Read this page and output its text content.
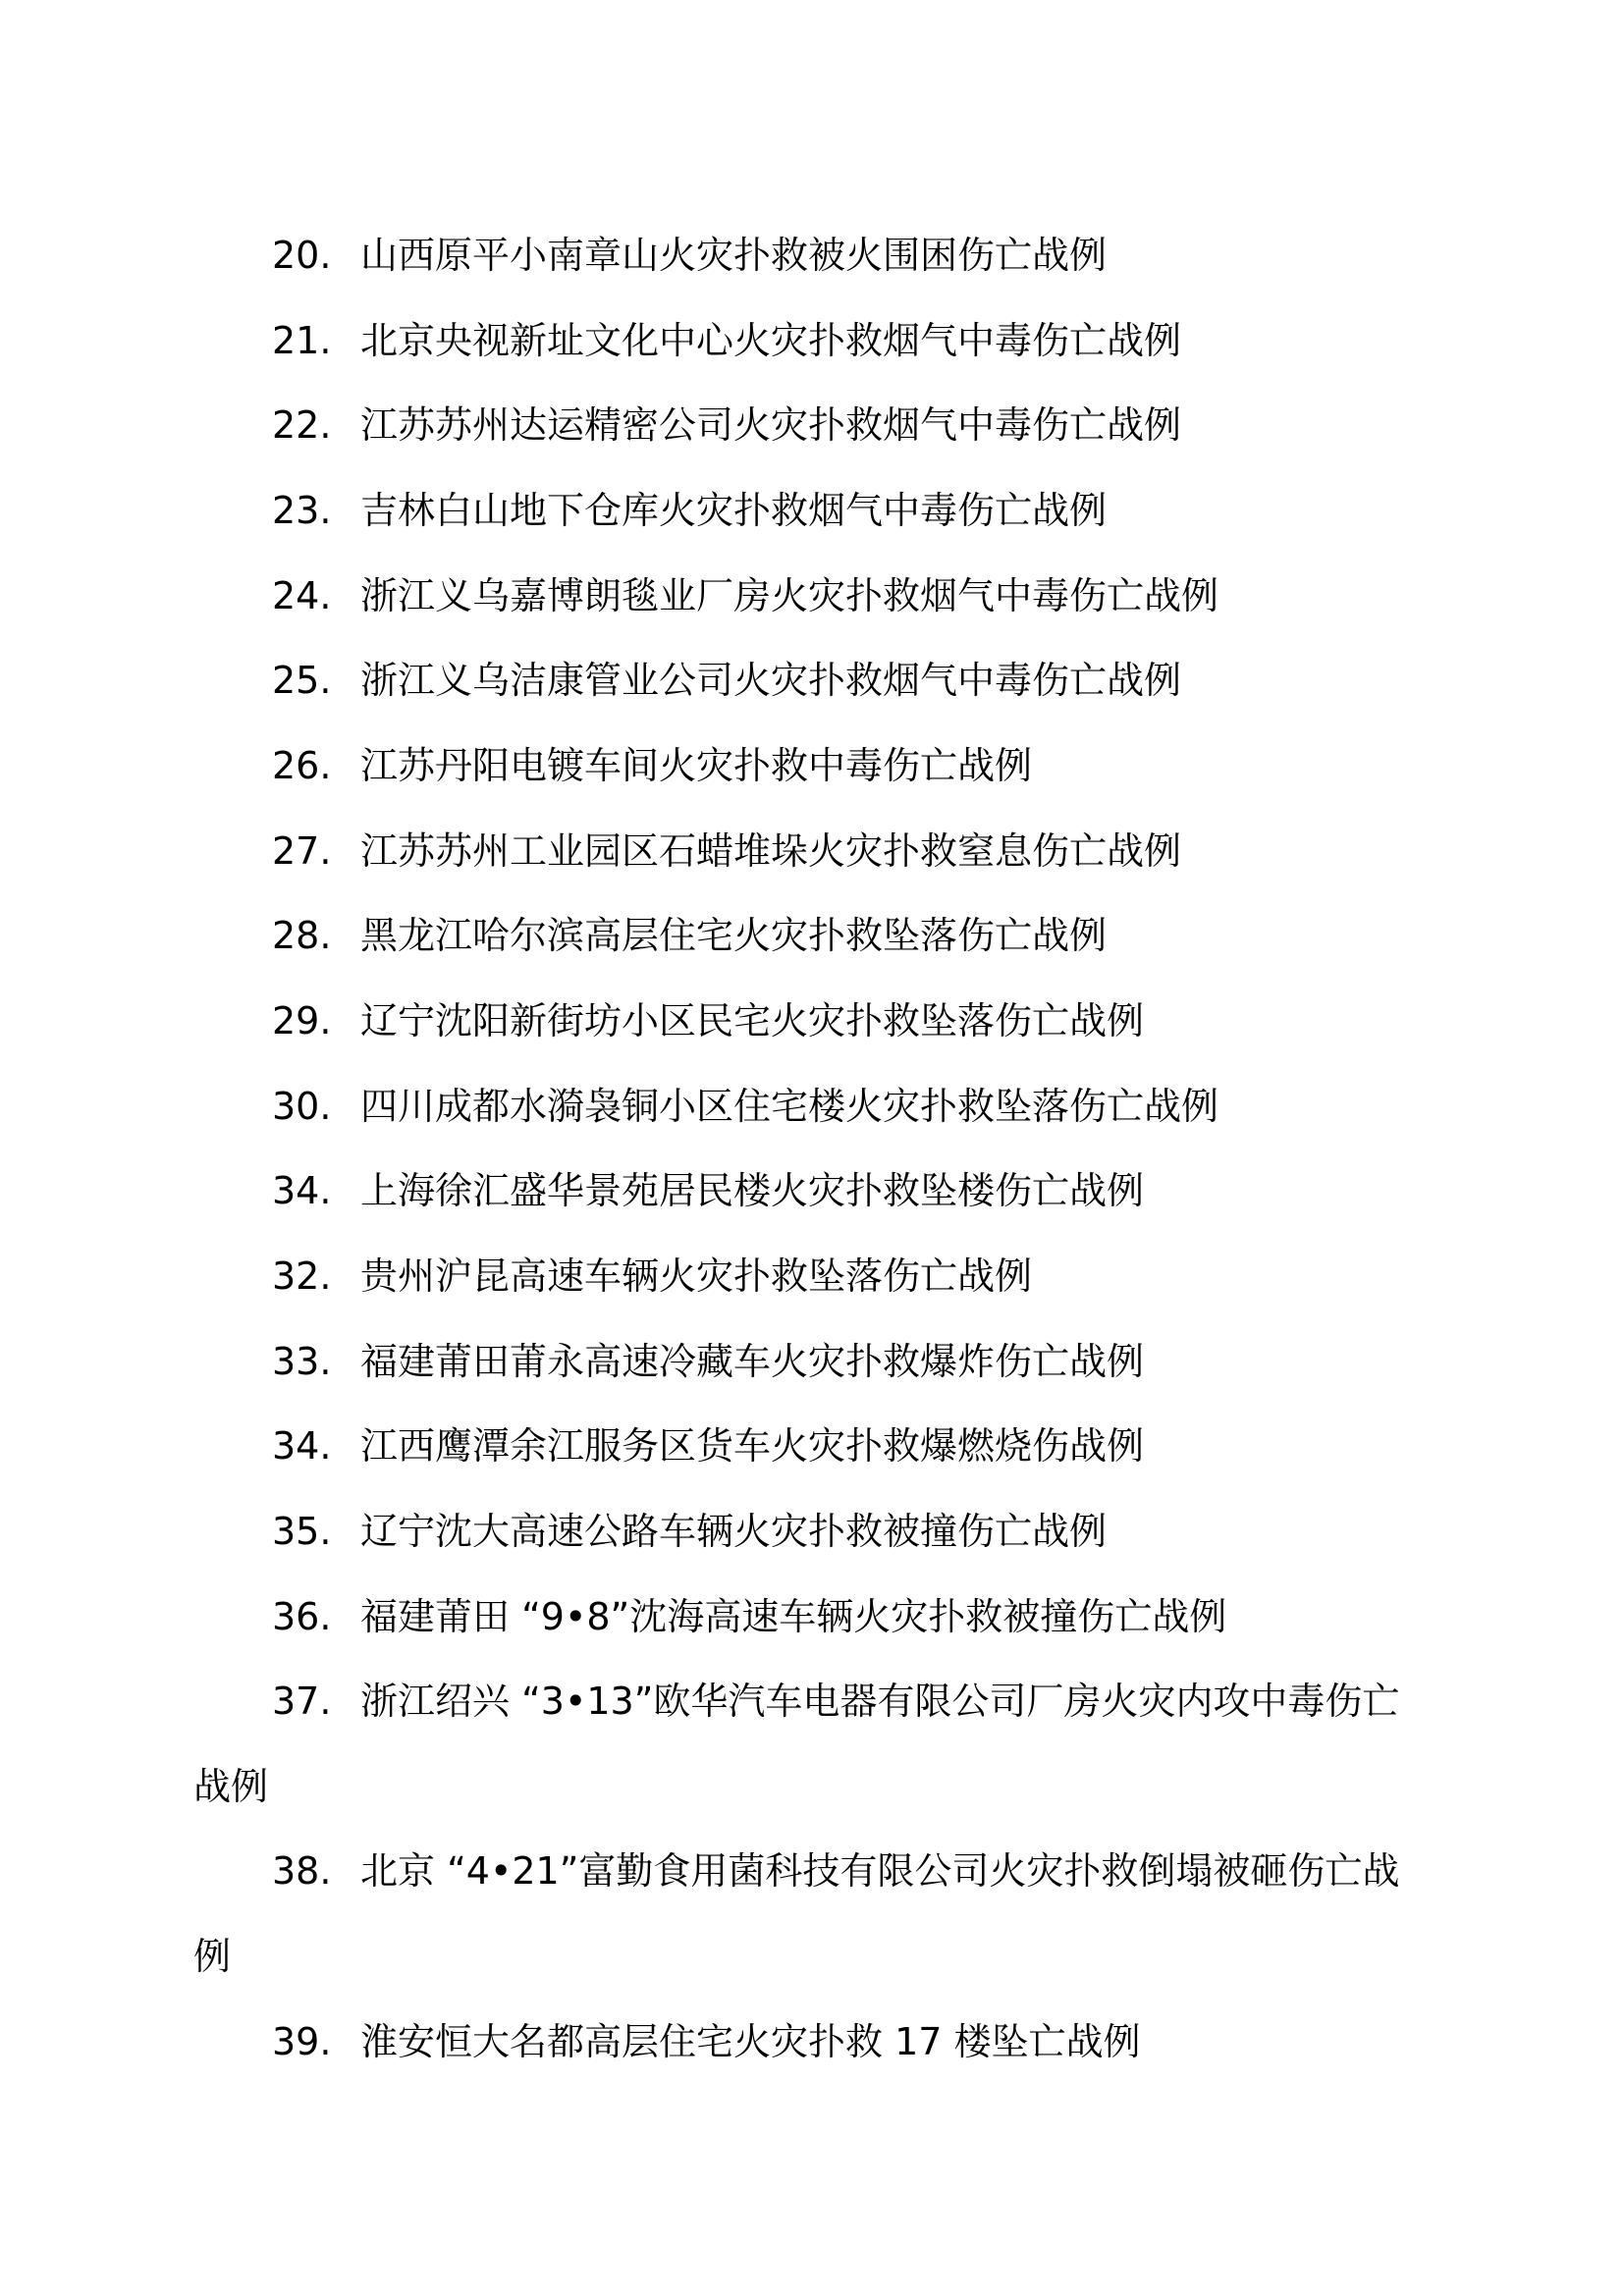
20. 山西原平小南章山火灾扑救被火围困伤亡战例
21. 北京央视新址文化中心火灾扑救烟气中毒伤亡战例
22. 江苏苏州达运精密公司火灾扑救烟气中毒伤亡战例
23. 吉林白山地下仓库火灾扑救烟气中毒伤亡战例
24. 浙江义乌嘉博朗毯业厂房火灾扑救烟气中毒伤亡战例
25. 浙江义乌洁康管业公司火灾扑救烟气中毒伤亡战例
26. 江苏丹阳电镀车间火灾扑救中毒伤亡战例
27. 江苏苏州工业园区石蜡堆垛火灾扑救窒息伤亡战例
28. 黑龙江哈尔滨高层住宅火灾扑救坠落伤亡战例
29. 辽宁沈阳新街坊小区民宅火灾扑救坠落伤亡战例
30. 四川成都水漪袅铜小区住宅楼火灾扑救坠落伤亡战例
34. 上海徐汇盛华景苑居民楼火灾扑救坠楼伤亡战例
32. 贵州沪昆高速车辆火灾扑救坠落伤亡战例
33. 福建莆田莆永高速冷藏车火灾扑救爆炸伤亡战例
34. 江西鹰潭余江服务区货车火灾扑救爆燃烧伤战例
35. 辽宁沈大高速公路车辆火灾扑救被撞伤亡战例
36. 福建莆田 “9•8”沈海高速车辆火灾扑救被撞伤亡战例
37. 浙江绍兴 “3•13”欧华汽车电器有限公司厂房火灾内攻中毒伤亡
战例
38. 北京 “4•21”富勤食用菌科技有限公司火灾扑救倒塌被砸伤亡战
例
39. 淮安恒大名都高层住宅火灾扑救 17 楼坠亡战例
